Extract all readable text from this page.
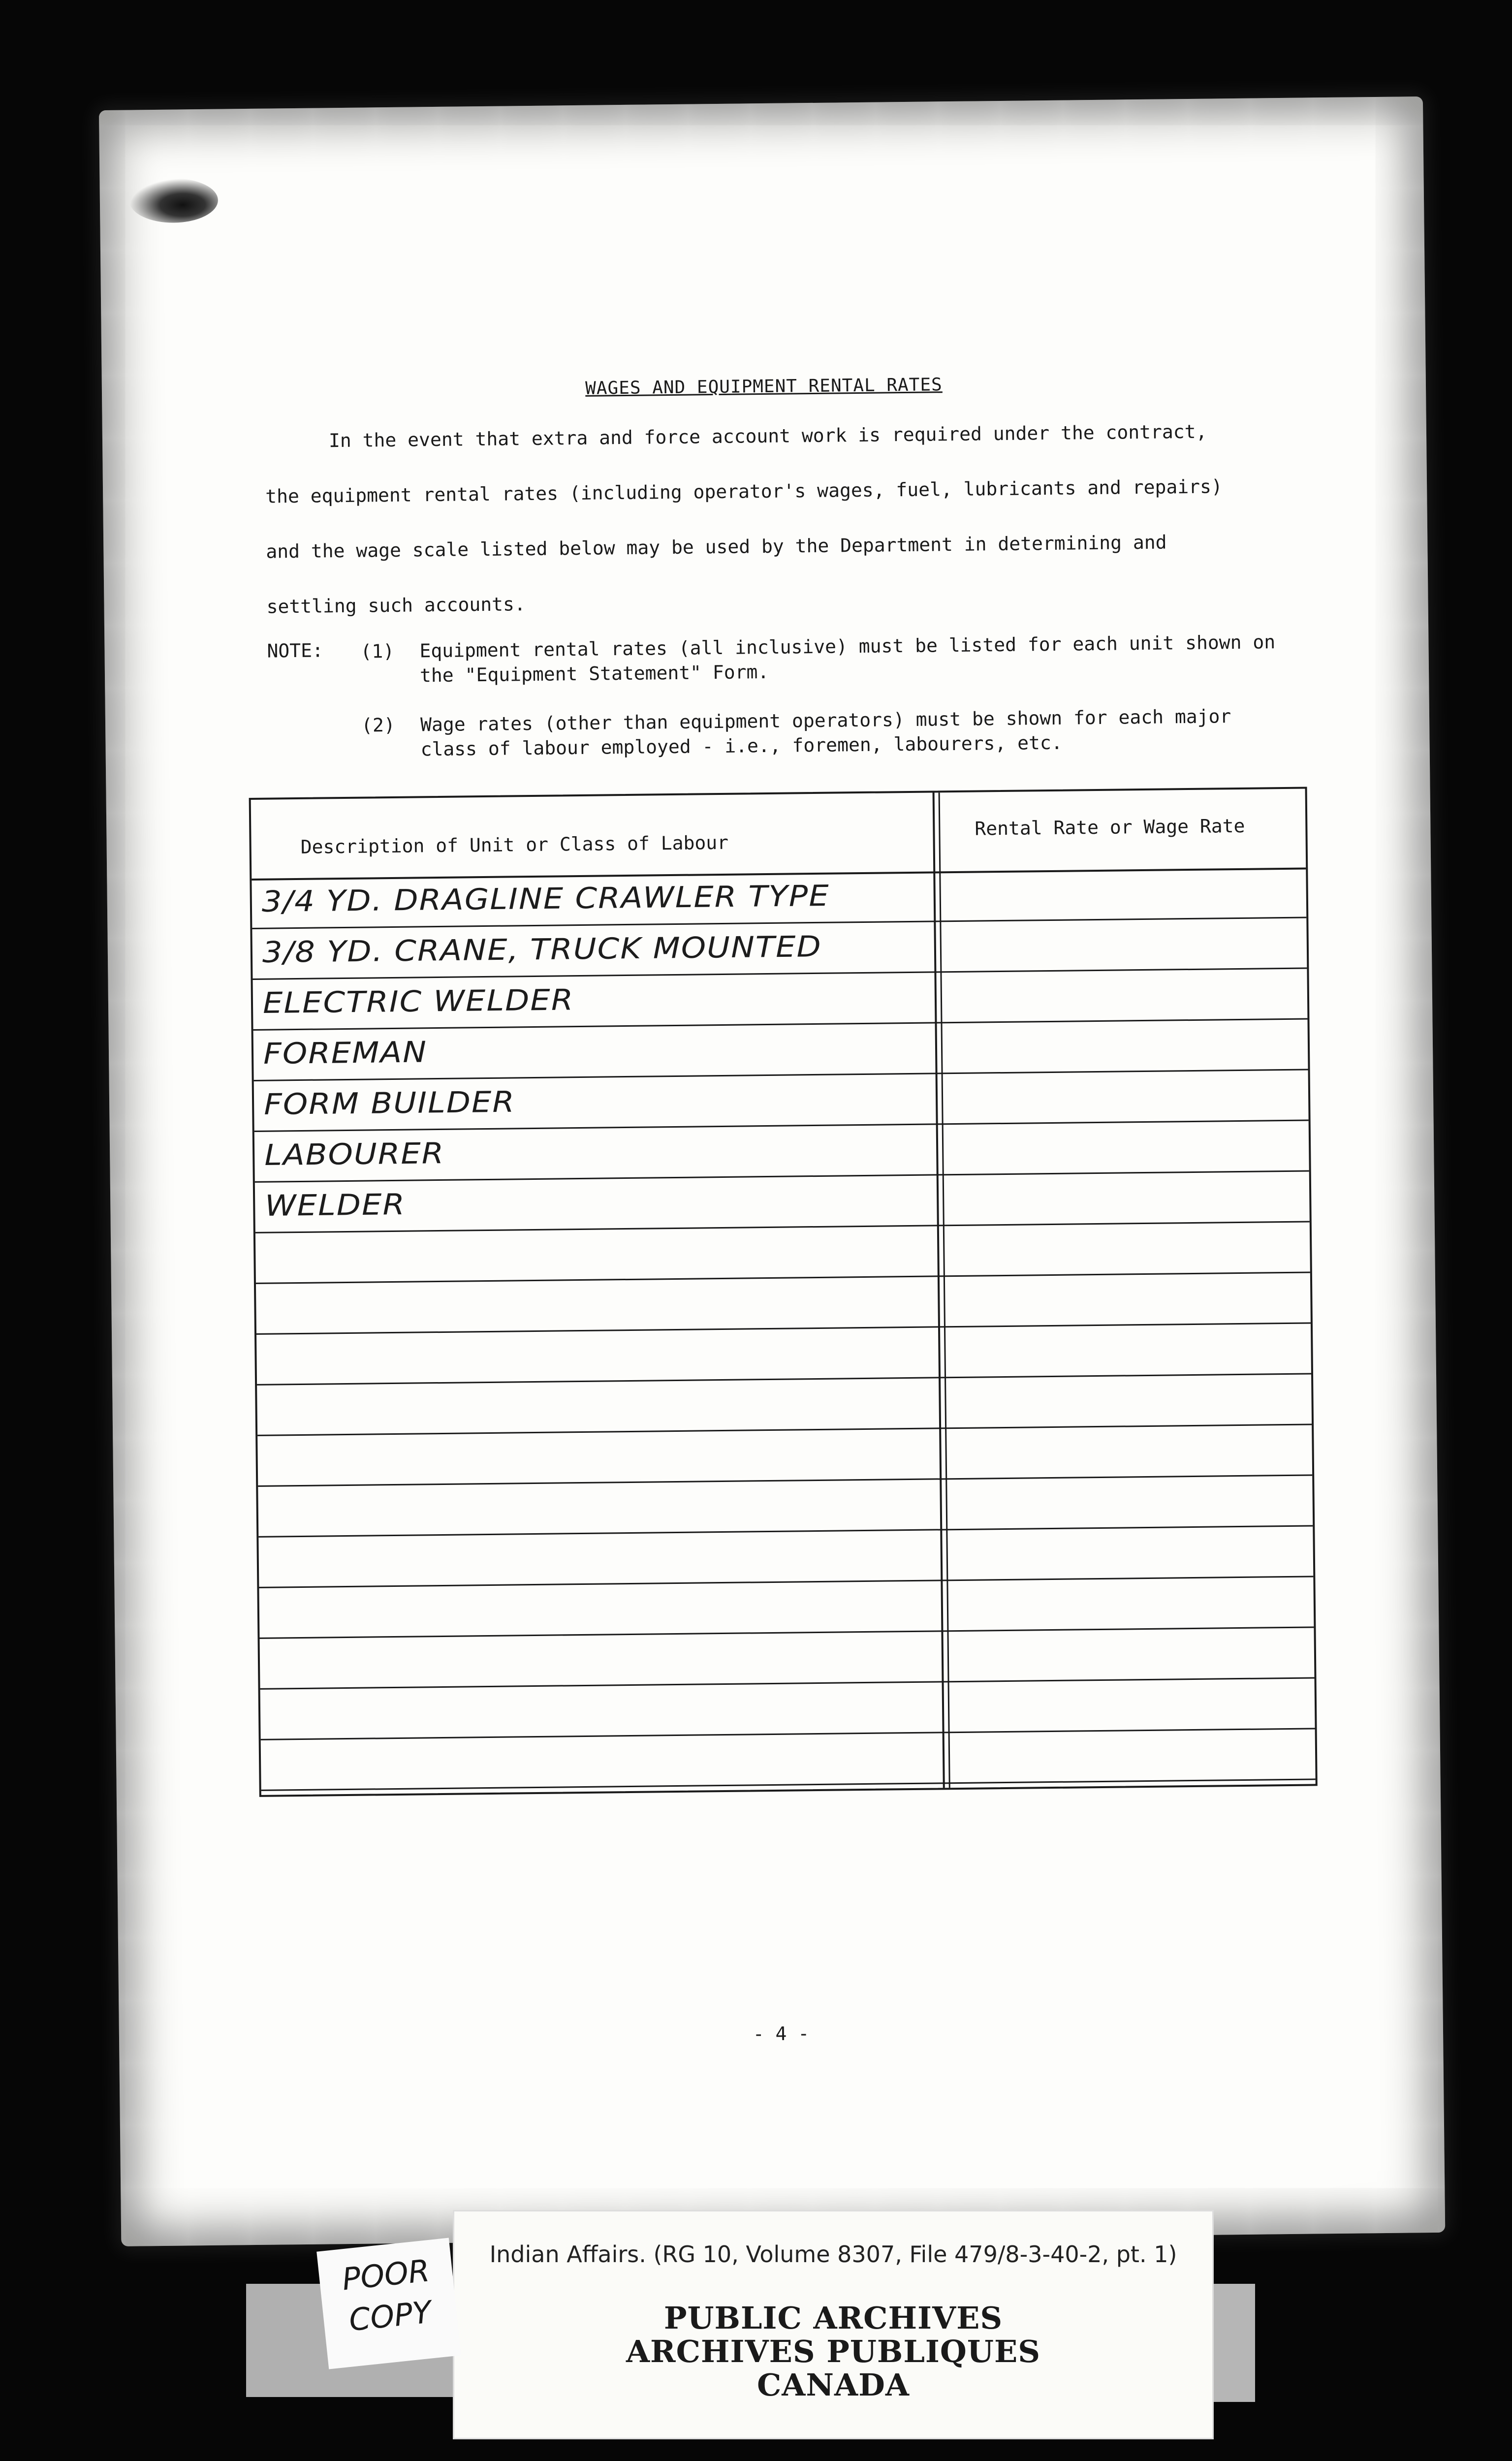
WAGES AND EQUIPMENT RENTAL RATES
In the event that extra and force account work is required under the contract, the equipment rental rates (including operator's wages, fuel, lubricants and repairs) and the wage scale listed below may be used by the Department in determining and settling such accounts.
NOTE: (1) Equipment rental rates (all inclusive) must be listed for each unit shown on the "Equipment Statement" Form.
(2) Wage rates (other than equipment operators) must be shown for each major class of labour employed - i.e., foremen, labourers, etc.
Description of Unit or Class of Labour
Rental Rate or Wage Rate
3/4 YD. DRAGLINE CRAWLER TYPE
3/8 YD. CRANE, TRUCK MOUNTED
ELECTRIC WELDER
FOREMAN
FORM BUILDER
LABOURER
WELDER
- 4 -
Indian Affairs. (RG 10, Volume 8307, File 479/8-3-40-2, pt. 1)
PUBLIC ARCHIVES
ARCHIVES PUBLIQUES
CANADA
POOR
COPY
